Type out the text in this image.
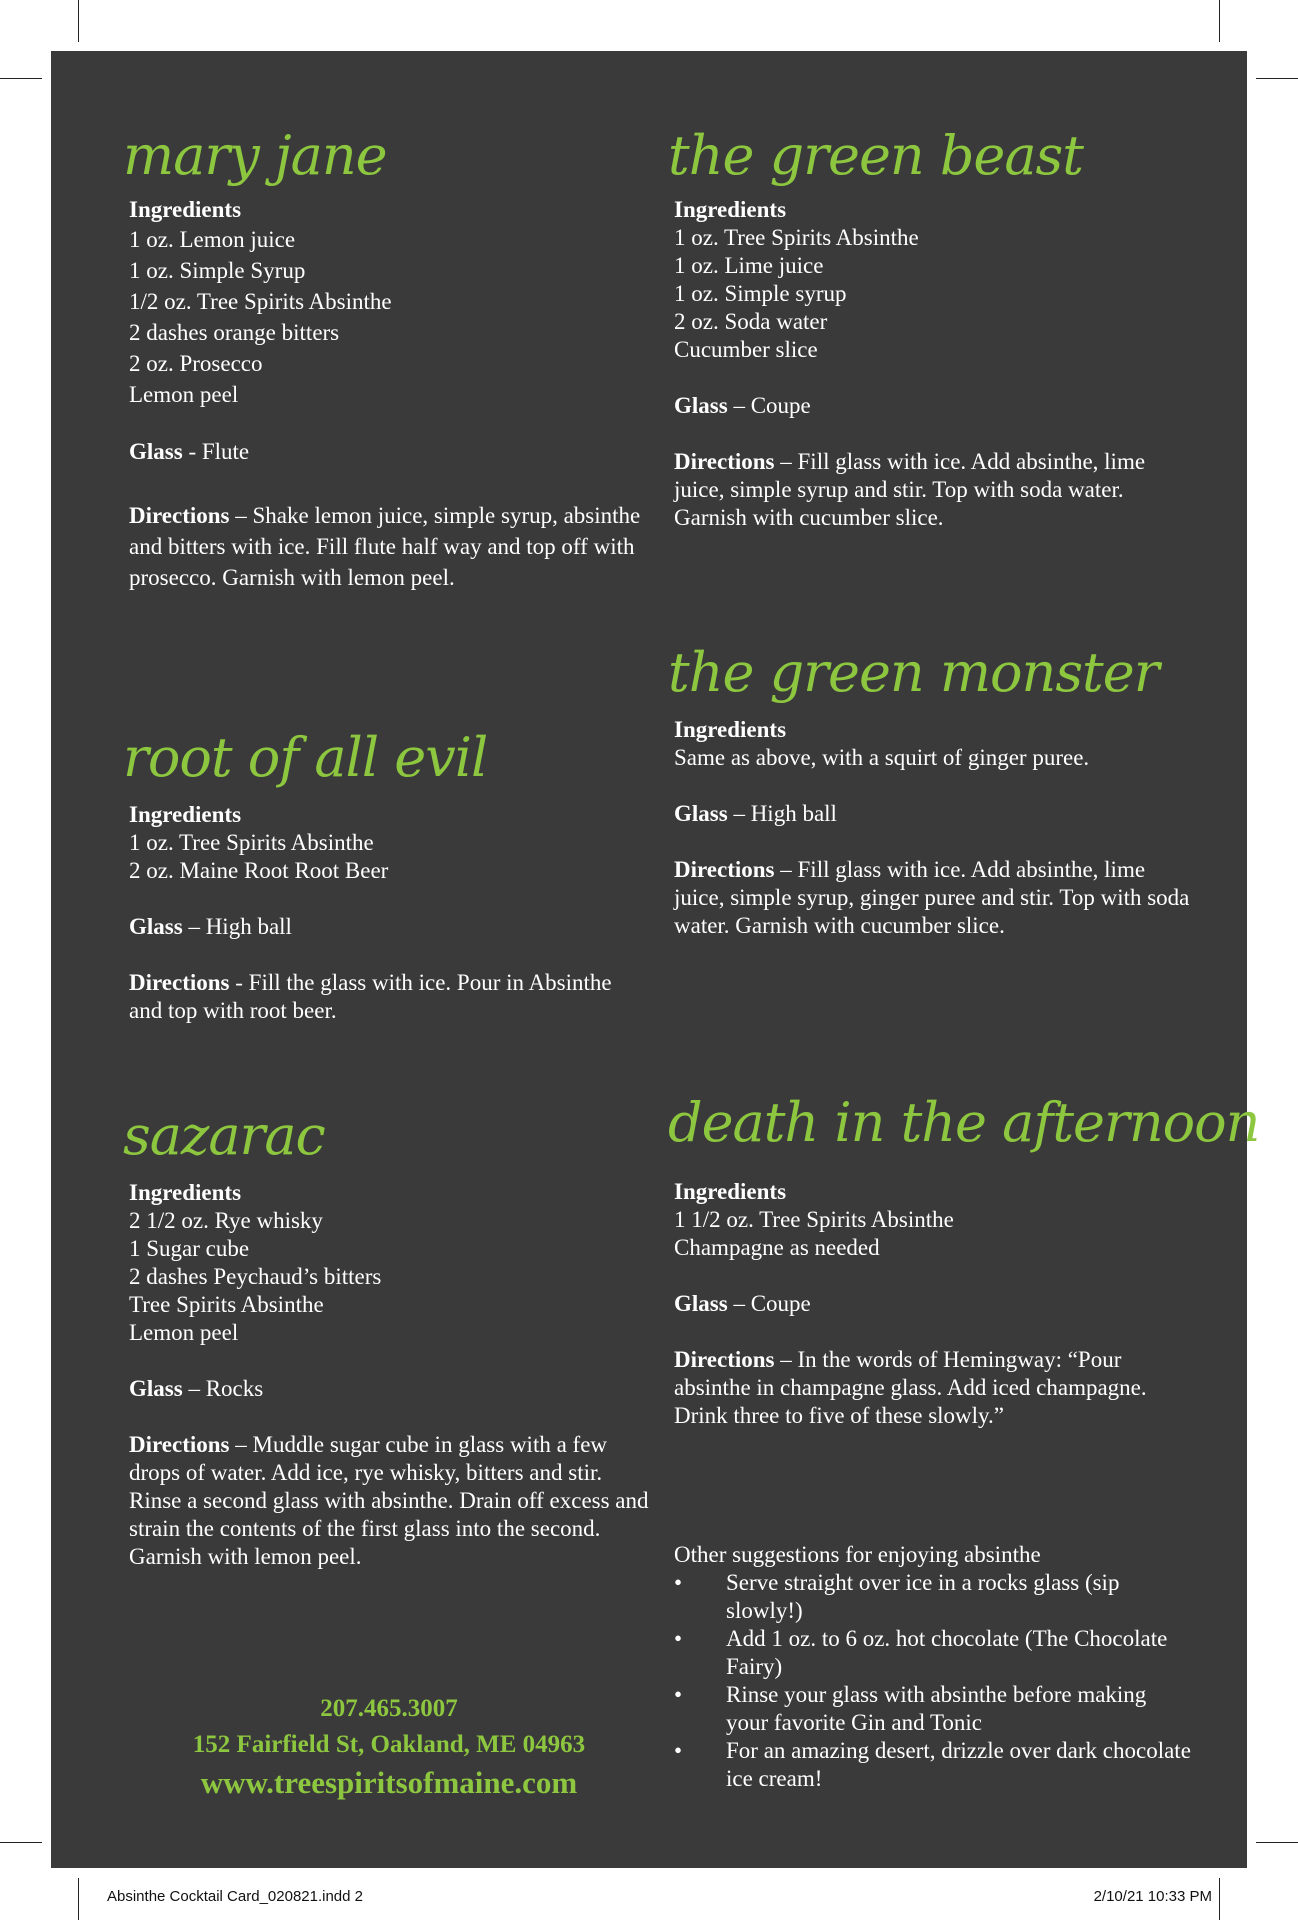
mary jane
Ingredients
1 oz. Lemon juice
1 oz. Simple Syrup
1/2 oz. Tree Spirits Absinthe
2 dashes orange bitters
2 oz. Prosecco
Lemon peel
Glass - Flute
Directions – Shake lemon juice, simple syrup, absinthe and bitters with ice. Fill flute half way and top off with prosecco. Garnish with lemon peel.
root of all evil
Ingredients
1 oz. Tree Spirits Absinthe
2 oz. Maine Root Root Beer
Glass – High ball
Directions - Fill the glass with ice. Pour in Absinthe and top with root beer.
sazarac
Ingredients
2 1/2 oz. Rye whisky
1 Sugar cube
2 dashes Peychaud’s bitters
Tree Spirits Absinthe
Lemon peel
Glass – Rocks
Directions – Muddle sugar cube in glass with a few drops of water. Add ice, rye whisky, bitters and stir. Rinse a second glass with absinthe. Drain off excess and strain the contents of the first glass into the second. Garnish with lemon peel.
207.465.3007
152 Fairfield St, Oakland, ME 04963
www.treespiritsofmaine.com
the green beast
Ingredients
1 oz. Tree Spirits Absinthe
1 oz. Lime juice
1 oz. Simple syrup
2 oz. Soda water
Cucumber slice
Glass – Coupe
Directions – Fill glass with ice. Add absinthe, lime juice, simple syrup and stir. Top with soda water. Garnish with cucumber slice.
the green monster
Ingredients
Same as above, with a squirt of ginger puree.
Glass – High ball
Directions – Fill glass with ice. Add absinthe, lime juice, simple syrup, ginger puree and stir. Top with soda water. Garnish with cucumber slice.
death in the afternoon
Ingredients
1 1/2 oz. Tree Spirits Absinthe
Champagne as needed
Glass – Coupe
Directions – In the words of Hemingway: “Pour absinthe in champagne glass. Add iced champagne. Drink three to five of these slowly.”
Other suggestions for enjoying absinthe
• Serve straight over ice in a rocks glass (sip slowly!)
• Add 1 oz. to 6 oz. hot chocolate (The Chocolate Fairy)
• Rinse your glass with absinthe before making your favorite Gin and Tonic
• For an amazing desert, drizzle over dark chocolate ice cream!
Absinthe Cocktail Card_020821.indd 2	2/10/21 10:33 PM
